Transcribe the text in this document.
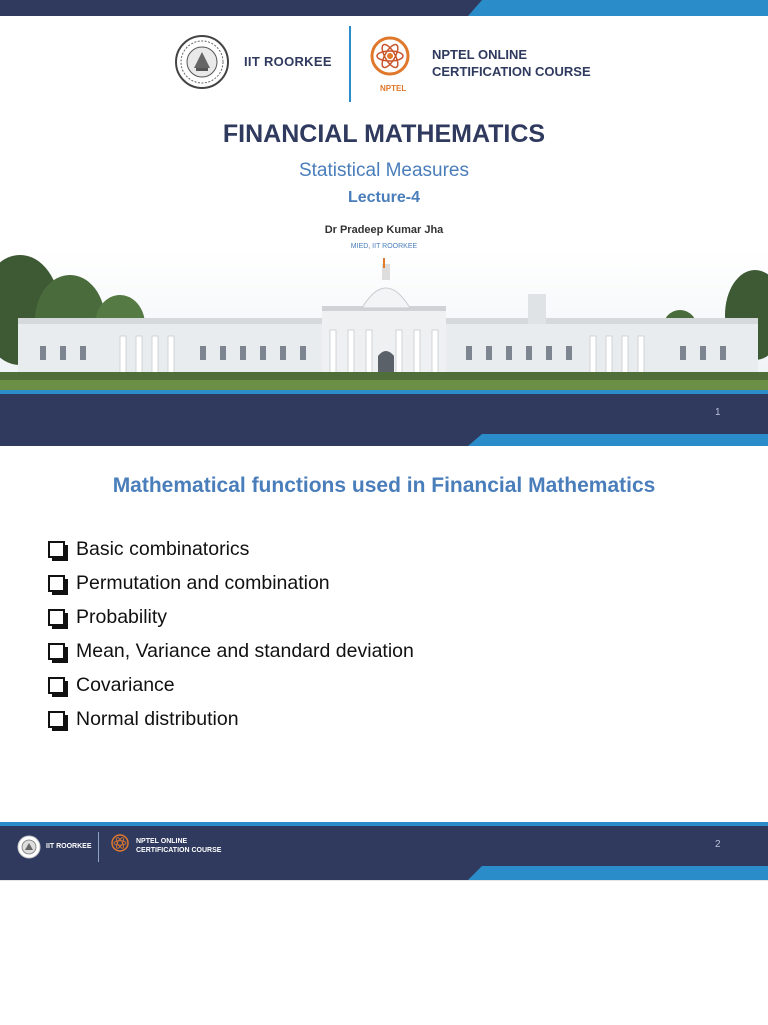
IIT ROORKEE
NPTEL
NPTEL ONLINE
CERTIFICATION COURSE
FINANCIAL MATHEMATICS
Statistical Measures
Lecture-4
Dr Pradeep Kumar Jha
MIED, IIT ROORKEE
1
Mathematical functions used in Financial Mathematics
Basic combinatorics
Permutation and combination
Probability
Mean, Variance and standard deviation
Covariance
Normal distribution
IIT ROORKEE
NPTEL ONLINE
CERTIFICATION COURSE
2
